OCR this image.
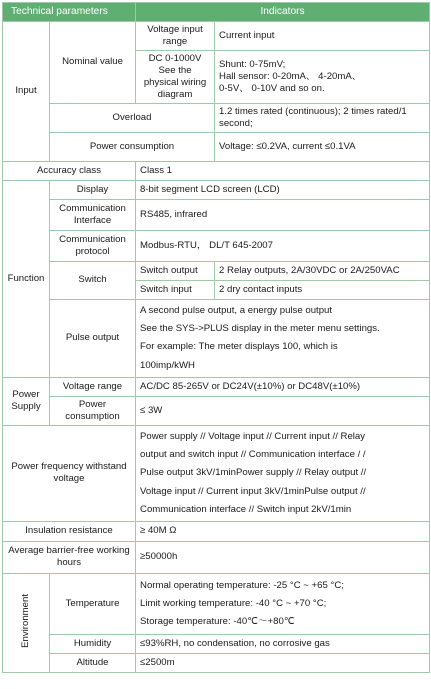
Technical parameters		Indicators	
Input	Nominal value	Voltage input range	Current input
		DC 0-1000V See the physical wiring diagram	Shunt: 0-75mV;
Hall sensor: 0-20mA、 4-20mA、
0-5V、 0-10V and so on.

	Overload		1.2 times rated (continuous); 2 times rated/1 second;
	Power consumption		Voltage: ≤0.2VA, current ≤0.1VA

Accuracy class		Class 1	
Function	Display	8-bit segment LCD screen (LCD)	
	Communication Interface	RS485, infrared	
	Communication protocol	Modbus-RTU， DL/T 645-2007	
	Switch	Switch output	2 Relay outputs, 2A/30VDC or 2A/250VAC
		Switch input	2 dry contact inputs
	Pulse output	A second pulse output, a energy pulse output
See the SYS->PLUS display in the meter menu settings.
For example: The meter displays 100, which is
100imp/kWH	

Power Supply	Voltage range	AC/DC 85-265V or DC24V(±10%) or DC48V(±10%)	
	Power consumption	≤ 3W	
Power frequency withstand voltage		Power supply // Voltage input // Current input // Relay
output and switch input // Communication interface / /
Pulse output 3kV/1minPower supply // Relay output //
Voltage input // Current input 3kV/1minPulse output //
Communication interface // Switch input 2kV/1min	

Insulation resistance		≥ 40M Ω	
Average barrier-free working hours		≥50000h	
Environment	Temperature	Normal operating temperature: -25 °C ~ +65 °C;
Limit working temperature: -40 °C ~ +70 °C;
Storage temperature: -40℃～+80℃	

	Humidity	≤93%RH, no condensation, no corrosive gas	
	Altitude	≤2500m	
